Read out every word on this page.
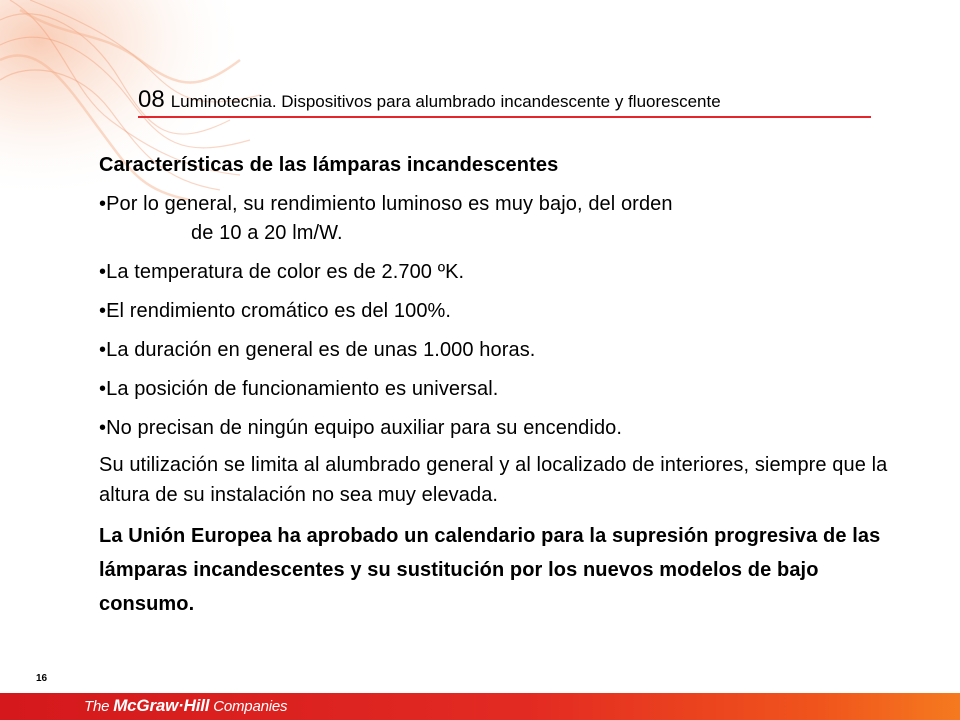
08 Luminotecnia. Dispositivos para alumbrado incandescente y fluorescente

Características de las lámparas incandescentes

•Por lo general, su rendimiento luminoso es muy bajo, del orden
de 10 a 20 lm/W.

•La temperatura de color es de 2.700 ºK.

•El rendimiento cromático es del 100%.

•La duración en general es de unas 1.000 horas.

•La posición de funcionamiento es universal.

•No precisan de ningún equipo auxiliar para su encendido.

Su utilización se limita al alumbrado general y al localizado de interiores, siempre que la altura de su instalación no sea muy elevada.

La Unión Europea ha aprobado un calendario para la supresión progresiva de las lámparas incandescentes y su sustitución por los nuevos modelos de bajo consumo.

16
The McGraw·Hill Companies
